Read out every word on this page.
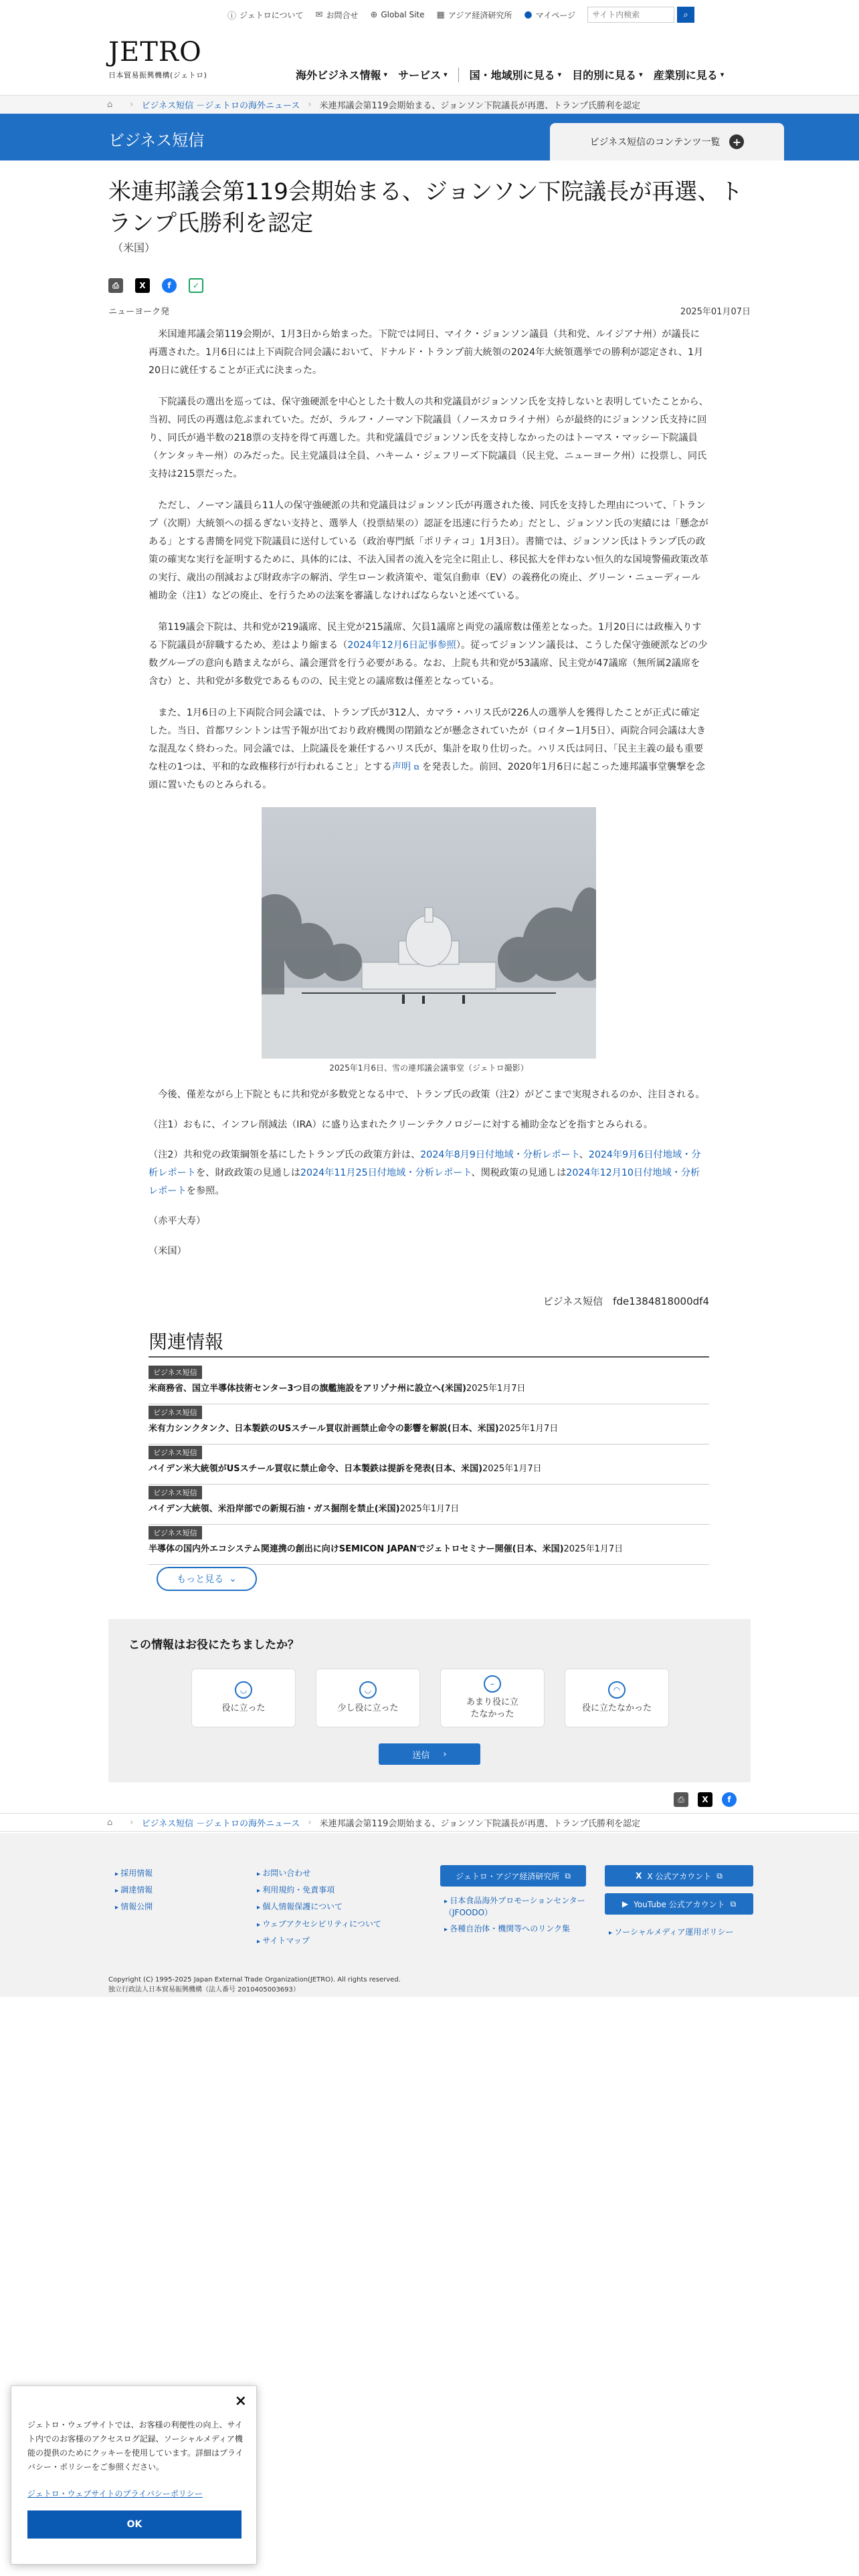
ⓘ ジェトロについて ✉ お問合せ ⊕ Global Site ▦ アジア経済研究所 ● マイページ
サイト内検索	⌕
JETRO
日本貿易振興機構(ジェトロ)	海外ビジネス情報 ▾ サービス ▾ 国・地域別に見る ▾ 目的別に見る ▾ 産業別に見る ▾
⌂ › ビジネス短信 －ジェトロの海外ニュース › 米連邦議会第119会期始まる、ジョンソン下院議長が再選、トランプ氏勝利を認定
ビジネス短信	ビジネス短信のコンテンツ一覧 +
米連邦議会第119会期始まる、ジョンソン下院議長が再選、トランプ氏勝利を認定
（米国）
⎙	X	f	✓
ニューヨーク発	2025年01月07日

米国連邦議会第119会期が、1月3日から始まった。下院では同日、マイク・ジョンソン議員（共和党、ルイジアナ州）が議長に再選された。1月6日には上下両院合同会議において、ドナルド・トランプ前大統領の2024年大統領選挙での勝利が認定され、1月20日に就任することが正式に決まった。

下院議長の選出を巡っては、保守強硬派を中心とした十数人の共和党議員がジョンソン氏を支持しないと表明していたことから、当初、同氏の再選は危ぶまれていた。だが、ラルフ・ノーマン下院議員（ノースカロライナ州）らが最終的にジョンソン氏支持に回り、同氏が過半数の218票の支持を得て再選した。共和党議員でジョンソン氏を支持しなかったのはトーマス・マッシー下院議員（ケンタッキー州）のみだった。民主党議員は全員、ハキーム・ジェフリーズ下院議員（民主党、ニューヨーク州）に投票し、同氏支持は215票だった。

ただし、ノーマン議員ら11人の保守強硬派の共和党議員はジョンソン氏が再選された後、同氏を支持した理由について、「トランプ（次期）大統領への揺るぎない支持と、選挙人（投票結果の）認証を迅速に行うため」だとし、ジョンソン氏の実績には「懸念がある」とする書簡を同党下院議員に送付している（政治専門紙「ポリティコ」1月3日）。書簡では、ジョンソン氏はトランプ氏の政策の確実な実行を証明するために、具体的には、不法入国者の流入を完全に阻止し、移民拡大を伴わない恒久的な国境警備政策改革の実行、歳出の削減および財政赤字の解消、学生ローン救済策や、電気自動車（EV）の義務化の廃止、グリーン・ニューディール補助金（注1）などの廃止、を行うための法案を審議しなければならないと述べている。

第119議会下院は、共和党が219議席、民主党が215議席、欠員1議席と両党の議席数は僅差となった。1月20日には政権入りする下院議員が辞職するため、差はより縮まる（2024年12月6日記事参照）。従ってジョンソン議長は、こうした保守強硬派などの少数グループの意向も踏まえながら、議会運営を行う必要がある。なお、上院も共和党が53議席、民主党が47議席（無所属2議席を含む）と、共和党が多数党であるものの、民主党との議席数は僅差となっている。

また、1月6日の上下両院合同会議では、トランプ氏が312人、カマラ・ハリス氏が226人の選挙人を獲得したことが正式に確定した。当日、首都ワシントンは雪予報が出ており政府機関の閉鎖などが懸念されていたが（ロイター1月5日）、両院合同会議は大きな混乱なく終わった。同会議では、上院議長を兼任するハリス氏が、集計を取り仕切った。ハリス氏は同日、「民主主義の最も重要な柱の1つは、平和的な政権移行が行われること」とする声明 ⧉ を発表した。前回、2020年1月6日に起こった連邦議事堂襲撃を念頭に置いたものとみられる。

2025年1月6日、雪の連邦議会議事堂（ジェトロ撮影）

今後、僅差ながら上下院ともに共和党が多数党となる中で、トランプ氏の政策（注2）がどこまで実現されるのか、注目される。

（注1）おもに、インフレ削減法（IRA）に盛り込まれたクリーンテクノロジーに対する補助金などを指すとみられる。

（注2）共和党の政策綱領を基にしたトランプ氏の政策方針は、2024年8月9日付地域・分析レポート、2024年9月6日付地域・分析レポートを、財政政策の見通しは2024年11月25日付地域・分析レポート、関税政策の見通しは2024年12月10日付地域・分析レポートを参照。

（赤平大寿）

（米国）

ビジネス短信　fde1384818000df4
関連情報
ビジネス短信
米商務省、国立半導体技術センター3つ目の旗艦施設をアリゾナ州に設立へ(米国)2025年1月7日
ビジネス短信
米有力シンクタンク、日本製鉄のUSスチール買収計画禁止命令の影響を解説(日本、米国)2025年1月7日
ビジネス短信
バイデン米大統領がUSスチール買収に禁止命令、日本製鉄は提訴を発表(日本、米国)2025年1月7日
ビジネス短信
バイデン大統領、米沿岸部での新規石油・ガス掘削を禁止(米国)2025年1月7日
ビジネス短信
半導体の国内外エコシステム関連携の創出に向けSEMICON JAPANでジェトロセミナー開催(日本、米国)2025年1月7日
もっと見る ⌄
この情報はお役にたちましたか？
◡
役に立った
◡
少し役に立った
–
あまり役に立たなかった
◠
役に立たなかった
送信 ›
⎙	X	f
⌂ › ビジネス短信 －ジェトロの海外ニュース › 米連邦議会第119会期始まる、ジョンソン下院議長が再選、トランプ氏勝利を認定
▸ 採用情報
▸ 調達情報
▸ 情報公開
▸ お問い合わせ
▸ 利用規約・免責事項
▸ 個人情報保護について
▸ ウェブアクセシビリティについて
▸ サイトマップ
ジェトロ・アジア経済研究所 ⧉
▸ 日本食品海外プロモーションセンター（JFOODO）
▸ 各種自治体・機関等へのリンク集
X X 公式アカウント ⧉
▶ YouTube 公式アカウント ⧉
▸ ソーシャルメディア運用ポリシー
Copyright (C) 1995-2025 Japan External Trade Organization(JETRO). All rights reserved.
独立行政法人日本貿易振興機構（法人番号 2010405003693）
×
ジェトロ・ウェブサイトでは、お客様の利便性の向上、サイト内でのお客様のアクセスログ記録、ソーシャルメディア機能の提供のためにクッキーを使用しています。詳細はプライバシー・ポリシーをご参照ください。
ジェトロ・ウェブサイトのプライバシーポリシー
OK
